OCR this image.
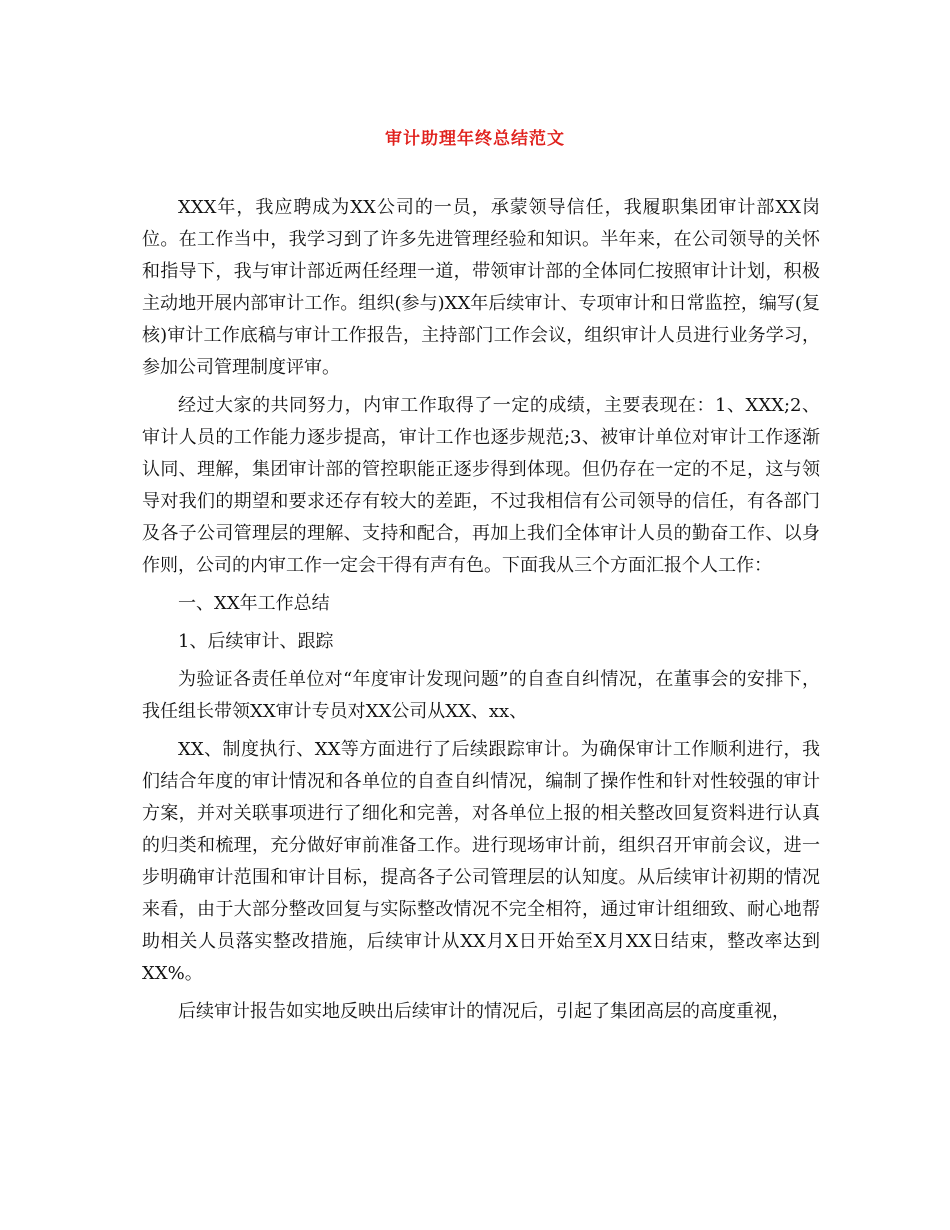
审计助理年终总结范文

XXX年，我应聘成为XX公司的一员，承蒙领导信任，我履职集团审计部XX岗位。在工作当中，我学习到了许多先进管理经验和知识。半年来，在公司领导的关怀和指导下，我与审计部近两任经理一道，带领审计部的全体同仁按照审计计划，积极主动地开展内部审计工作。组织(参与)XX年后续审计、专项审计和日常监控，编写(复核)审计工作底稿与审计工作报告，主持部门工作会议，组织审计人员进行业务学习，参加公司管理制度评审。

经过大家的共同努力，内审工作取得了一定的成绩，主要表现在：1、XXX;2、审计人员的工作能力逐步提高，审计工作也逐步规范;3、被审计单位对审计工作逐渐认同、理解，集团审计部的管控职能正逐步得到体现。但仍存在一定的不足，这与领导对我们的期望和要求还存有较大的差距，不过我相信有公司领导的信任，有各部门及各子公司管理层的理解、支持和配合，再加上我们全体审计人员的勤奋工作、以身作则，公司的内审工作一定会干得有声有色。下面我从三个方面汇报个人工作：

一、XX年工作总结

1、后续审计、跟踪

为验证各责任单位对“年度审计发现问题”的自查自纠情况，在董事会的安排下，我任组长带领XX审计专员对XX公司从XX、xx、

XX、制度执行、XX等方面进行了后续跟踪审计。为确保审计工作顺利进行，我们结合年度的审计情况和各单位的自查自纠情况，编制了操作性和针对性较强的审计方案，并对关联事项进行了细化和完善，对各单位上报的相关整改回复资料进行认真的归类和梳理，充分做好审前准备工作。进行现场审计前，组织召开审前会议，进一步明确审计范围和审计目标，提高各子公司管理层的认知度。从后续审计初期的情况来看，由于大部分整改回复与实际整改情况不完全相符，通过审计组细致、耐心地帮助相关人员落实整改措施，后续审计从XX月X日开始至X月XX日结束，整改率达到XX%。

后续审计报告如实地反映出后续审计的情况后，引起了集团高层的高度重视，
